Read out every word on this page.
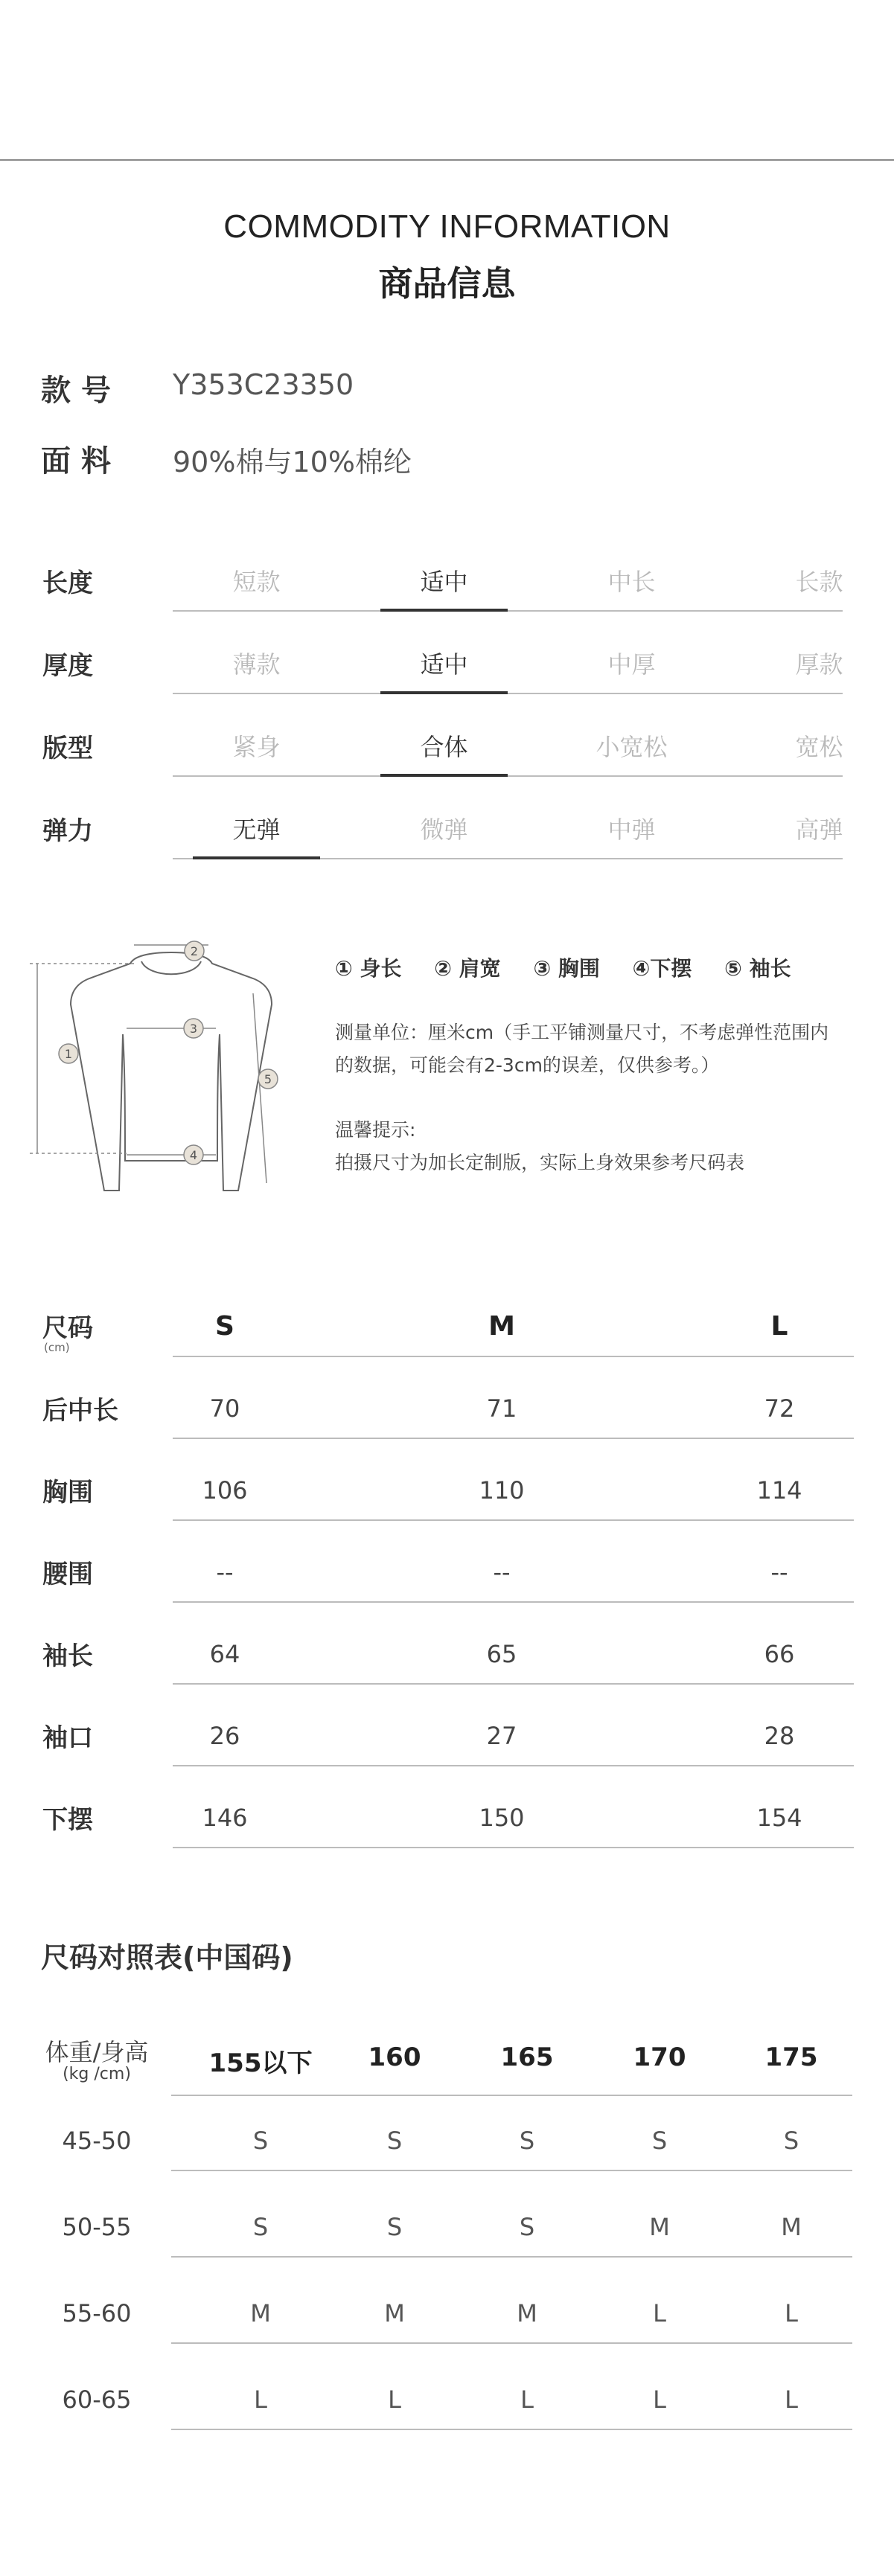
COMMODITY INFORMATION
商品信息
款号 Y353C23350
面料 90%棉与10%棉纶
长度	短款	适中	中长	长款
厚度	薄款	适中	中厚	厚款
版型	紧身	合体	小宽松	宽松
弹力	无弹	微弹	中弹	高弹
1
2
3
4
5
① 身长 ② 肩宽 ③ 胸围 ④下摆 ⑤ 袖长
测量单位：厘米cm（手工平铺测量尺寸，不考虑弹性范围内
的数据，可能会有2-3cm的误差，仅供参考。）
温馨提示:
拍摄尺寸为加长定制版，实际上身效果参考尺码表
尺码
(cm)
S	M	L
后中长	70	71	72
胸围	106	110	114
腰围	--	--	--
袖长	64	65	66
袖口	26	27	28
下摆	146	150	154
尺码对照表(中国码)
体重/身高
(kg /cm)	155以下	160	165	170	175
45-50	S	S	S	S	S
50-55	S	S	S	M	M
55-60	M	M	M	L	L
60-65	L	L	L	L	L
